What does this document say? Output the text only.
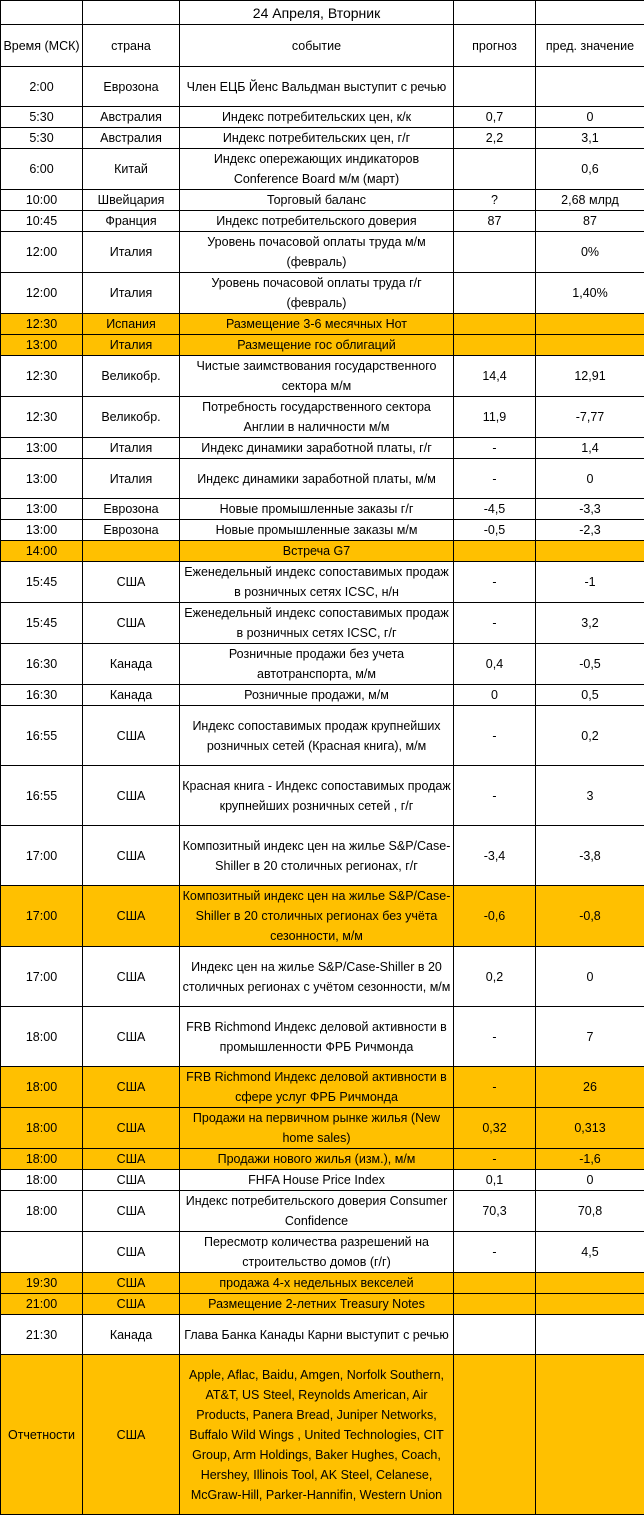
		24 Апреля, Вторник		
Время (МСК)	страна	событие	прогноз	пред. значение
2:00	Еврозона	Член ЕЦБ Йенс Вальдман выступит с речью		
5:30	Австралия	Индекс потребительских цен, к/к	0,7	0
5:30	Австралия	Индекс потребительских цен, г/г	2,2	3,1
6:00	Китай	Индекс опережающих индикаторов Conference Board м/м (март)		0,6
10:00	Швейцария	Торговый баланс	?	2,68 млрд
10:45	Франция	Индекс потребительского доверия	87	87
12:00	Италия	Уровень почасовой оплаты труда м/м (февраль)		0%
12:00	Италия	Уровень почасовой оплаты труда г/г (февраль)		1,40%
12:30	Испания	Размещение 3-6 месячных Нот		
13:00	Италия	Размещение гос облигаций		
12:30	Великобр.	Чистые заимствования государственного сектора м/м	14,4	12,91
12:30	Великобр.	Потребность государственного сектора Англии в наличности м/м	11,9	-7,77
13:00	Италия	Индекс динамики заработной платы, г/г	-	1,4
13:00	Италия	Индекс динамики заработной платы, м/м	-	0
13:00	Еврозона	Новые промышленные заказы г/г	-4,5	-3,3
13:00	Еврозона	Новые промышленные заказы м/м	-0,5	-2,3
14:00		Встреча G7		
15:45	США	Еженедельный индекс сопоставимых продаж в розничных сетях ICSC, н/н	-	-1
15:45	США	Еженедельный индекс сопоставимых продаж в розничных сетях ICSC, г/г	-	3,2
16:30	Канада	Розничные продажи без учета автотранспорта, м/м	0,4	-0,5
16:30	Канада	Розничные продажи, м/м	0	0,5
16:55	США	Индекс сопоставимых продаж крупнейших розничных сетей (Красная книга), м/м	-	0,2
16:55	США	Красная книга - Индекс сопоставимых продаж крупнейших розничных сетей , г/г	-	3
17:00	США	Композитный индекс цен на жилье S&P/Case-Shiller в 20 столичных регионах, г/г	-3,4	-3,8
17:00	США	Композитный индекс цен на жилье S&P/Case-Shiller в 20 столичных регионах без учёта сезонности, м/м	-0,6	-0,8
17:00	США	Индекс цен на жилье S&P/Case-Shiller в 20 столичных регионах с учётом сезонности, м/м	0,2	0
18:00	США	FRB Richmond Индекс деловой активности в промышленности ФРБ Ричмонда	-	7
18:00	США	FRB Richmond Индекс деловой активности в сфере услуг ФРБ Ричмонда	-	26
18:00	США	Продажи на первичном рынке жилья (New home sales)	0,32	0,313
18:00	США	Продажи нового жилья (изм.), м/м	-	-1,6
18:00	США	FHFA House Price Index	0,1	0
18:00	США	Индекс потребительского доверия Consumer Confidence	70,3	70,8
	США	Пересмотр количества разрешений на строительство домов (г/г)	-	4,5
19:30	США	продажа 4-х недельных векселей		
21:00	США	Размещение 2-летних Treasury Notes		
21:30	Канада	Глава Банка Канады Карни выступит с речью		
Отчетности	США	Apple, Aflac, Baidu, Amgen, Norfolk Southern, AT&T, US Steel, Reynolds American, Air Products, Panera Bread, Juniper Networks, Buffalo Wild Wings , United Technologies, CIT Group, Arm Holdings, Baker Hughes, Coach, Hershey, Illinois Tool, AK Steel, Celanese, McGraw-Hill, Parker-Hannifin, Western Union		
